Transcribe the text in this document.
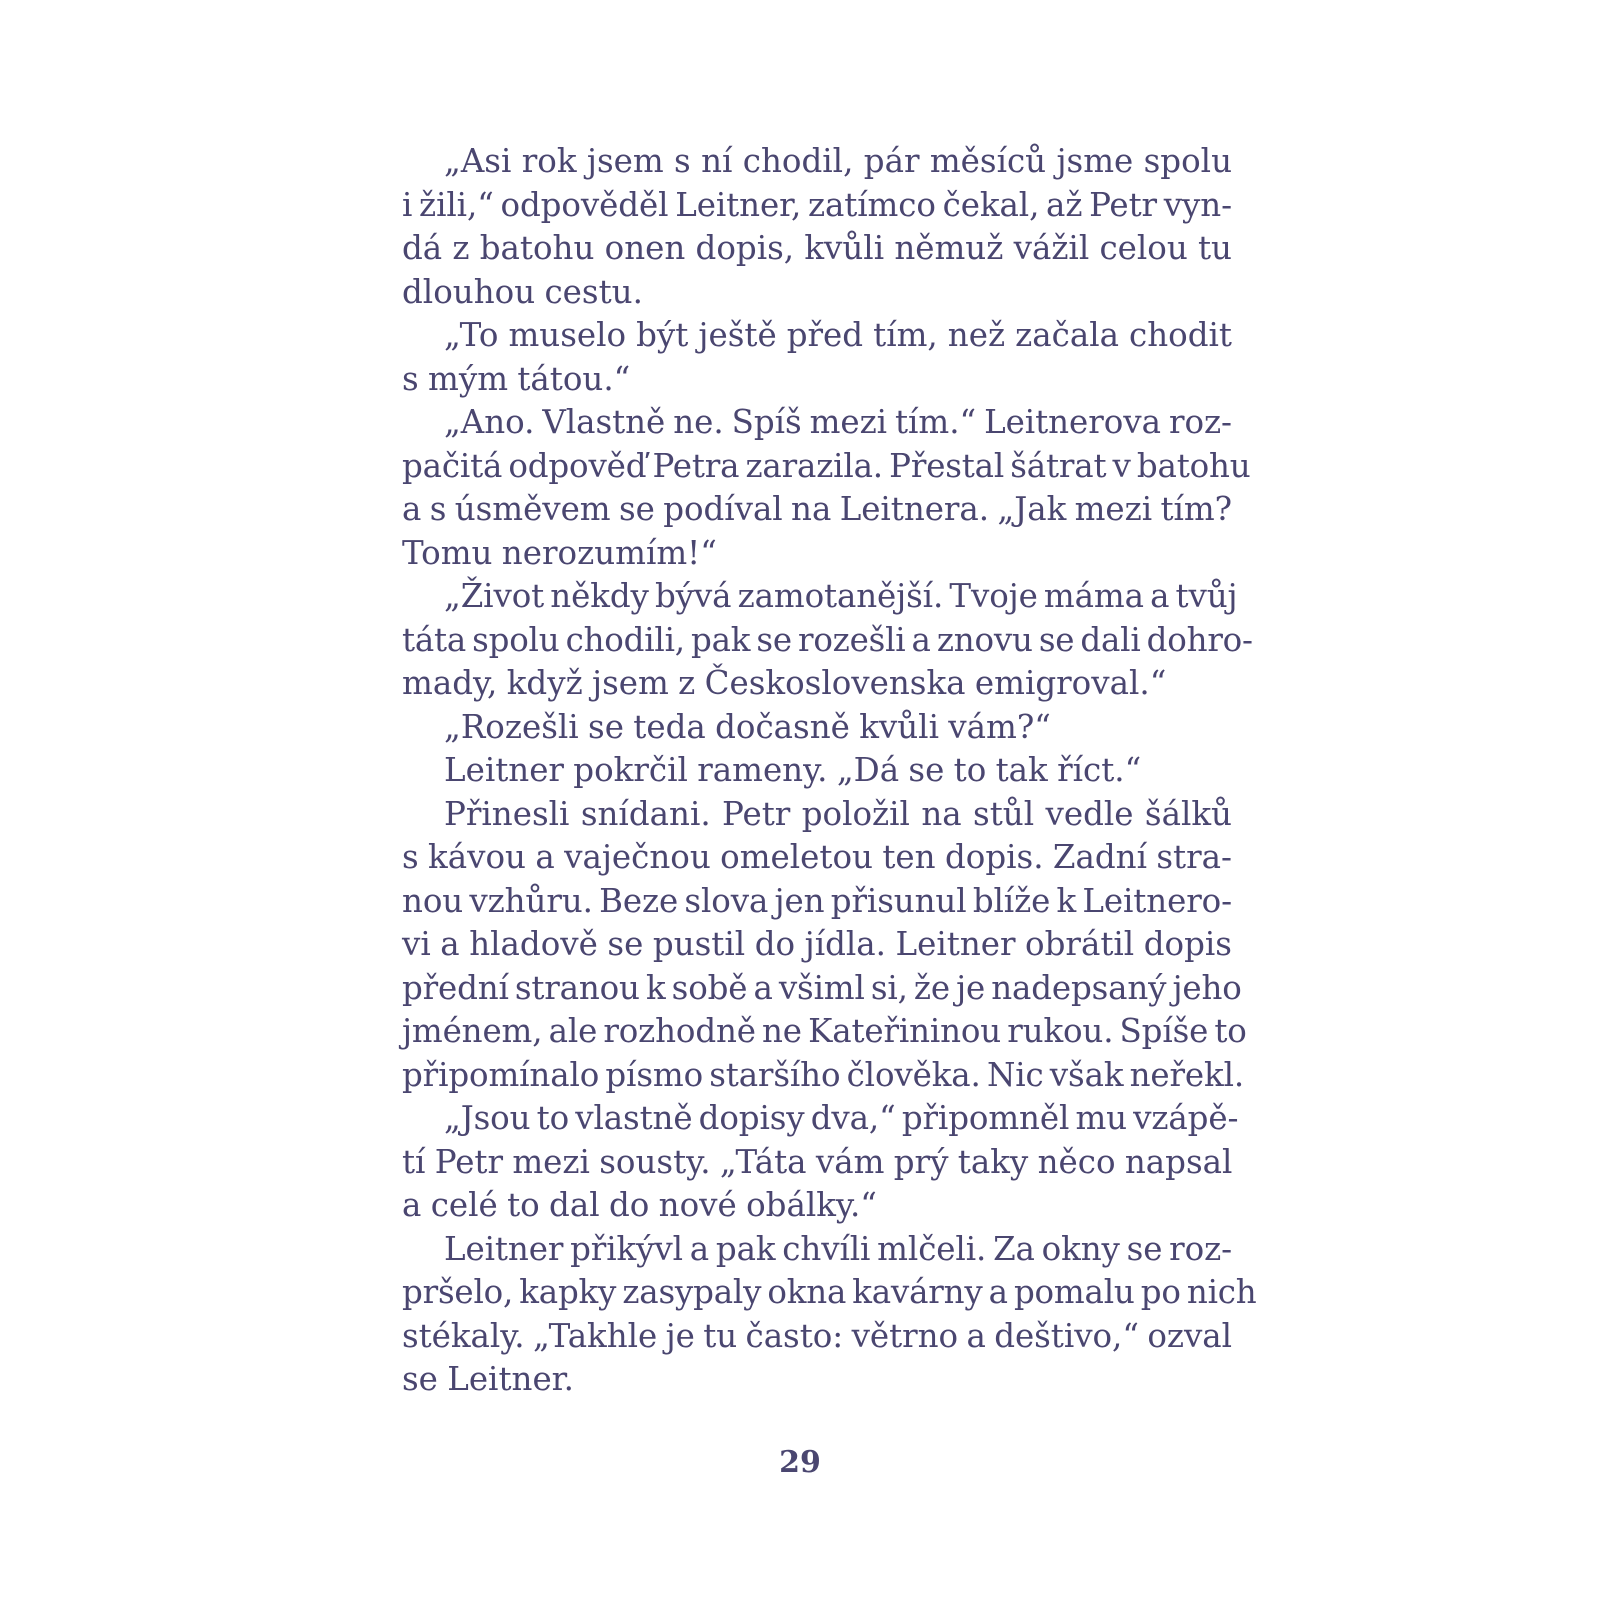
„Asi rok jsem s ní chodil, pár měsíců jsme spolu
i žili,“ odpověděl Leitner, zatímco čekal, až Petr vyn-
dá z batohu onen dopis, kvůli němuž vážil celou tu
dlouhou cestu.
„To muselo být ještě před tím, než začala chodit
s mým tátou.“
„Ano. Vlastně ne. Spíš mezi tím.“ Leitnerova roz-
pačitá odpověď Petra zarazila. Přestal šátrat v batohu
a s úsměvem se podíval na Leitnera. „Jak mezi tím?
Tomu nerozumím!“
„Život někdy bývá zamotanější. Tvoje máma a tvůj
táta spolu chodili, pak se rozešli a znovu se dali dohro-
mady, když jsem z Československa emigroval.“
„Rozešli se teda dočasně kvůli vám?“
Leitner pokrčil rameny. „Dá se to tak říct.“
Přinesli snídani. Petr položil na stůl vedle šálků
s kávou a vaječnou omeletou ten dopis. Zadní stra-
nou vzhůru. Beze slova jen přisunul blíže k Leitnero-
vi a hladově se pustil do jídla. Leitner obrátil dopis
přední stranou k sobě a všiml si, že je nadepsaný jeho
jménem, ale rozhodně ne Kateřininou rukou. Spíše to
připomínalo písmo staršího člověka. Nic však neřekl.
„Jsou to vlastně dopisy dva,“ připomněl mu vzápě-
tí Petr mezi sousty. „Táta vám prý taky něco napsal
a celé to dal do nové obálky.“
Leitner přikývl a pak chvíli mlčeli. Za okny se roz-
pršelo, kapky zasypaly okna kavárny a pomalu po nich
stékaly. „Takhle je tu často: větrno a deštivo,“ ozval
se Leitner.
29
